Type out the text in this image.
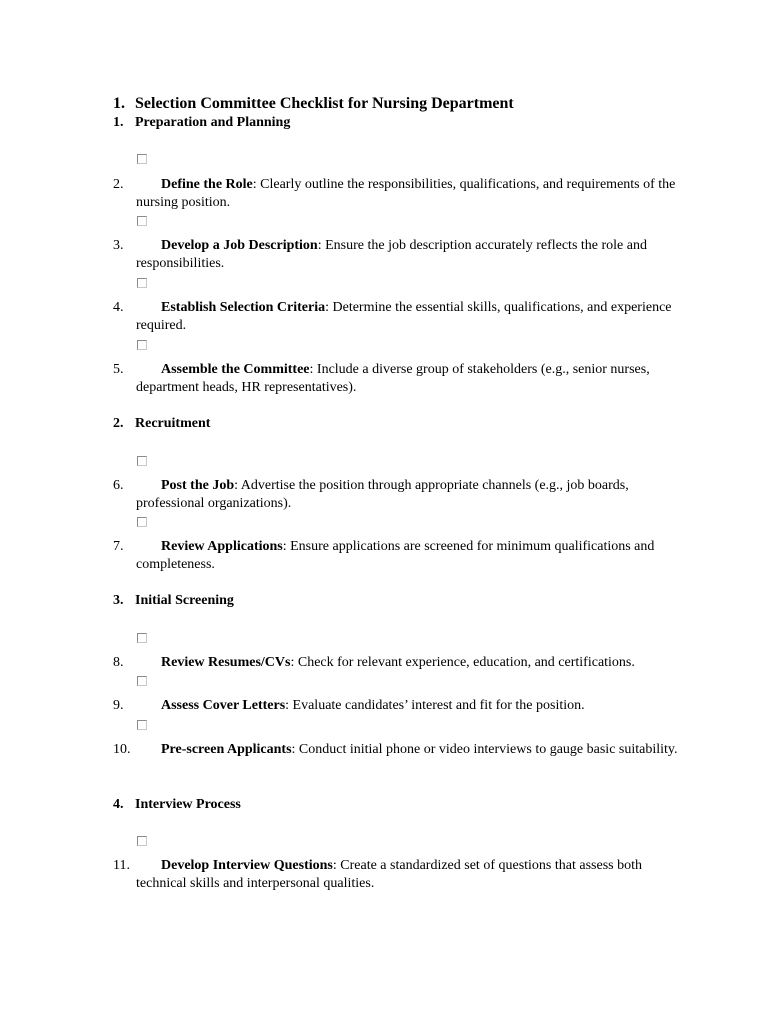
1. Selection Committee Checklist for Nursing Department
1. Preparation and Planning
2.	Define the Role: Clearly outline the responsibilities, qualifications, and requirements of the nursing position.
3.	Develop a Job Description: Ensure the job description accurately reflects the role and responsibilities.
4.	Establish Selection Criteria: Determine the essential skills, qualifications, and experience required.
5.	Assemble the Committee: Include a diverse group of stakeholders (e.g., senior nurses, department heads, HR representatives).
2. Recruitment
6.	Post the Job: Advertise the position through appropriate channels (e.g., job boards, professional organizations).
7.	Review Applications: Ensure applications are screened for minimum qualifications and completeness.
3. Initial Screening
8.	Review Resumes/CVs: Check for relevant experience, education, and certifications.
9.	Assess Cover Letters: Evaluate candidates’ interest and fit for the position.
10.	Pre-screen Applicants: Conduct initial phone or video interviews to gauge basic suitability.
4. Interview Process
11.	Develop Interview Questions: Create a standardized set of questions that assess both technical skills and interpersonal qualities.
